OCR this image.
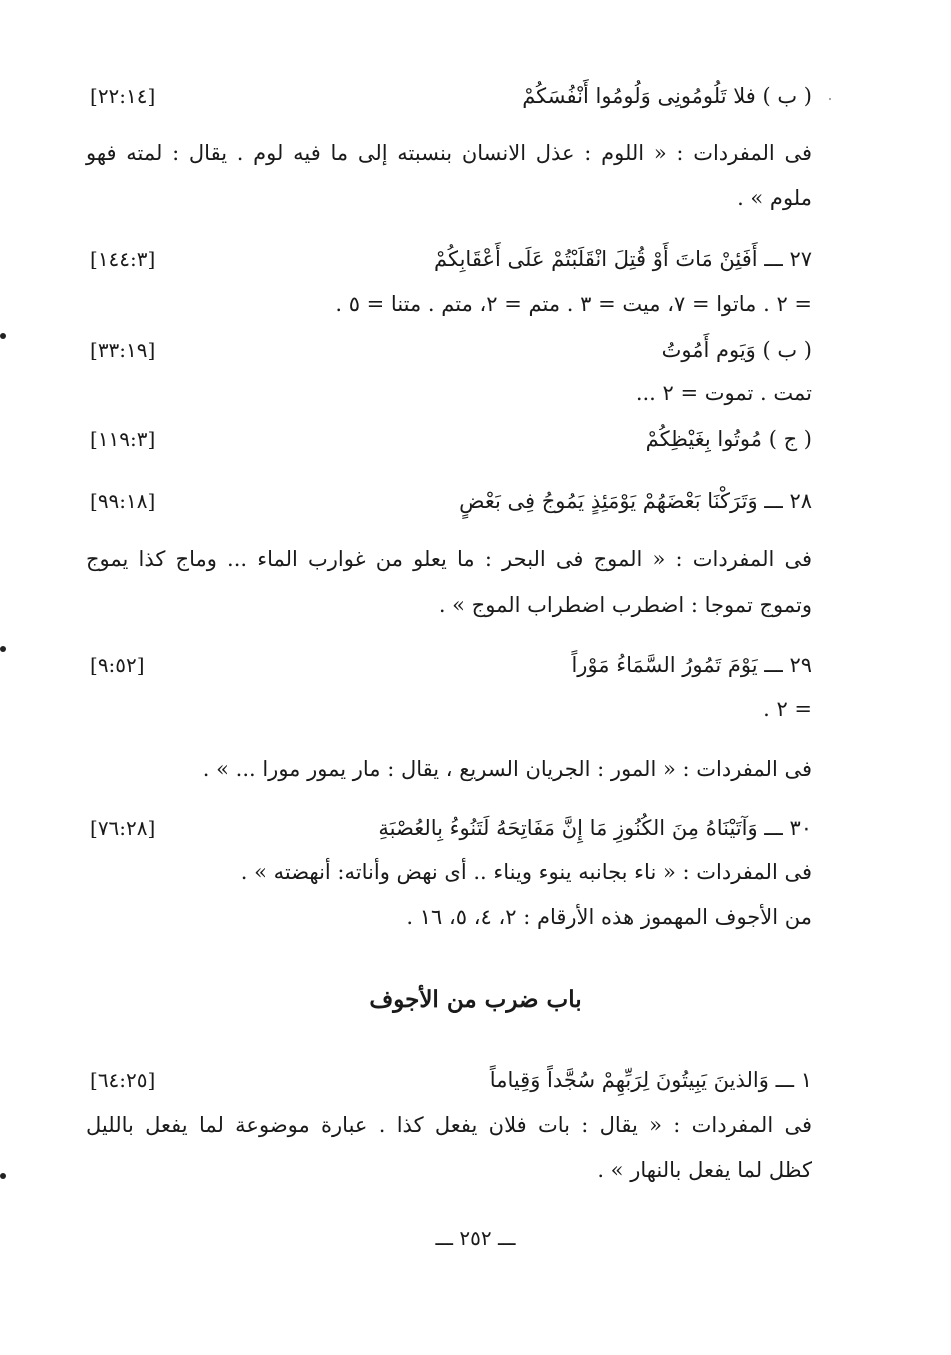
( ب ) فلا تَلُومُونِى وَلُومُوا أَنْفُسَكُمْ
[٢٢:١٤]
فى المفردات : « اللوم : عذل الانسان بنسبته إلى ما فيه لوم . يقال : لمته فهو
ملوم » .
٢٧ ـــ أَفَئِنْ مَاتَ أَوْ قُتِلَ انْقَلَبْتُمْ عَلَى أَعْقَابِكُمْ
[١٤٤:٣]
= ٢ . ماتوا = ٧، ميت = ٣ . متم = ٢، متم . متنا = ٥ .
( ب ) وَيَوم أَمُوتُ
[٣٣:١٩]
تمت . تموت = ٢ ...
( ج ) مُوتُوا بِغَيْظِكُمْ
[١١٩:٣]
٢٨ ـــ وَتَرَكْنَا بَعْضَهُمْ يَوْمَئِذٍ يَمُوجُ فِى بَعْضٍ
[٩٩:١٨]
فى المفردات : « الموج فى البحر : ما يعلو من غوارب الماء ... وماج كذا يموج
وتموج تموجا : اضطرب اضطراب الموج » .
٢٩ ـــ يَوْمَ تَمُورُ السَّمَاءُ مَوْراً
[٩:٥٢]
= ٢ .
فى المفردات : « المور : الجريان السريع ، يقال : مار يمور مورا ... » .
٣٠ ـــ وَآتَيْنَاهُ مِنَ الكُنُوزِ مَا إِنَّ مَفَاتِحَهُ لَتَنُوءُ بِالعُصْبَةِ
[٧٦:٢٨]
فى المفردات : « ناء بجانبه ينوء ويناء .. أى نهض وأناته: أنهضته » .
من الأجوف المهموز هذه الأرقام : ٢، ٤، ٥، ١٦ .
باب ضرب من الأجوف
١ ـــ وَالذينَ يَبِيتُونَ لِرَبِّهِمْ سُجَّداً وَقِياماً
[٦٤:٢٥]
فى المفردات : « يقال : بات فلان يفعل كذا . عبارة موضوعة لما يفعل بالليل
كظل لما يفعل بالنهار » .
ـــ ٢٥٢ ـــ
